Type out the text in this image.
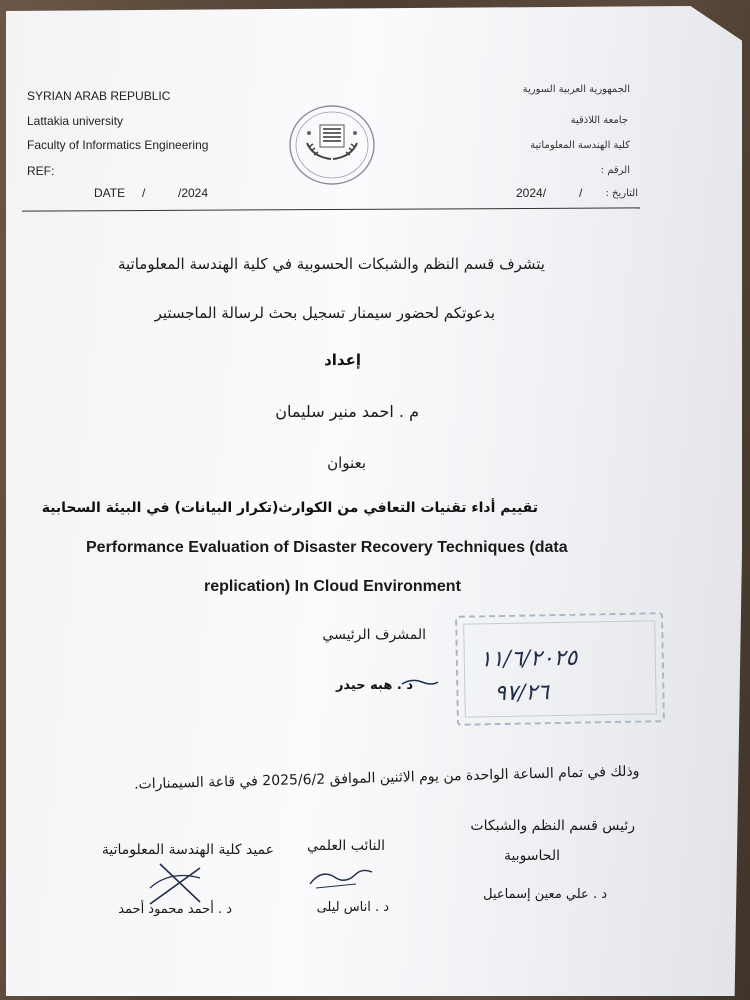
SYRIAN ARAB REPUBLIC
Lattakia university
Faculty of Informatics Engineering
REF:
DATE /	/2024
الجمهورية العربية السورية
جامعة اللاذقية
كلية الهندسة المعلوماتية
الرقم :
التاريخ :
/
2024/
يتشرف قسم النظم والشبكات الحسوبية في كلية الهندسة المعلوماتية
بدعوتكم لحضور سيمنار تسجيل بحث لرسالة الماجستير
إعداد
م . احمد منير سليمان
بعنوان
تقييم أداء تقنيات التعافي من الكوارث(تكرار البيانات) في البيئة السحابية
Performance Evaluation of Disaster Recovery Techniques (data
replication) In Cloud Environment
المشرف الرئيسي
د . هبه حيدر
١١/٦/٢٠٢٥
٩٧/٢٦
وذلك في تمام الساعة الواحدة من يوم الاثنين الموافق 2025/6/2 في قاعة السيمنارات.
رئيس قسم النظم والشبكات
الحاسوبية
د . علي معين إسماعيل
النائب العلمي
د . اناس ليلى
عميد كلية الهندسة المعلوماتية
د . أحمد محمود أحمد
